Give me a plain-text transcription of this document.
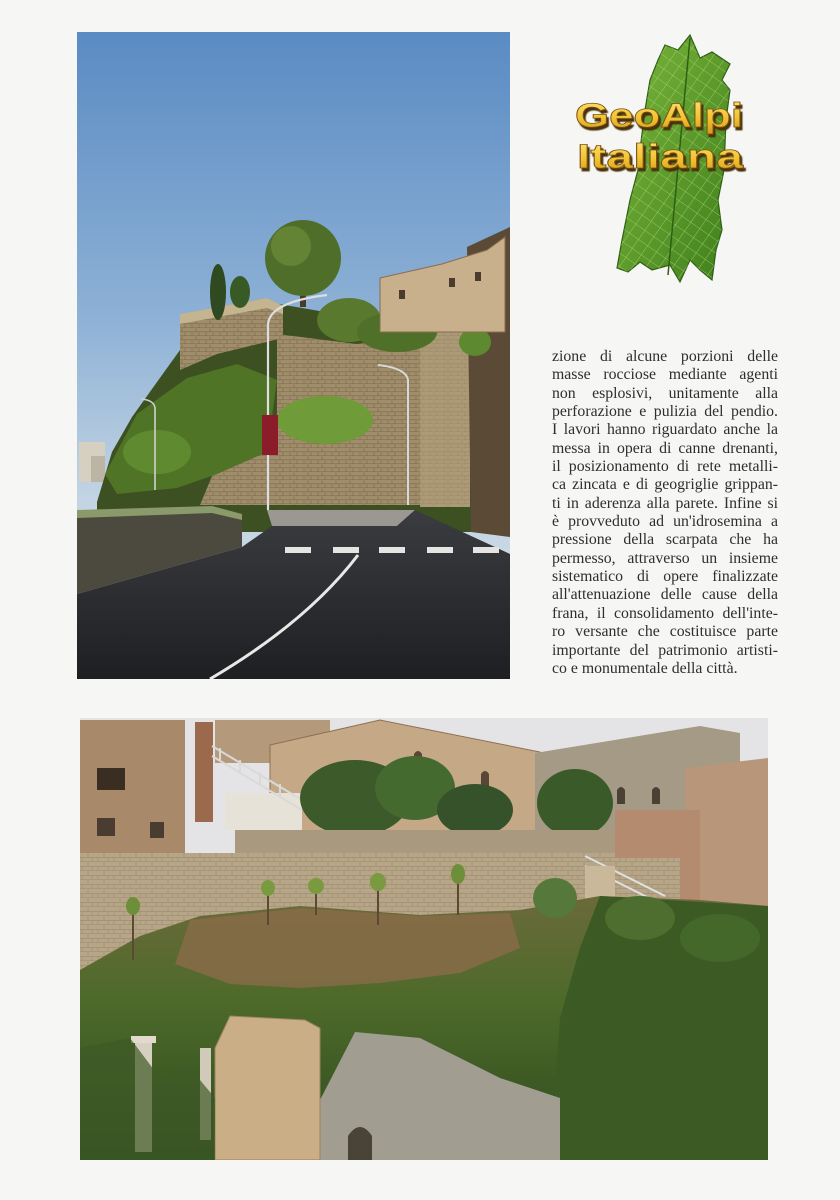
GeoAlpi
Italiana
zione di alcune porzioni delle
masse rocciose mediante agenti
non esplosivi, unitamente alla
perforazione e pulizia del pendio.
I lavori hanno riguardato anche la
messa in opera di canne drenanti,
il posizionamento di rete metalli-
ca zincata e di geogriglie grippan-
ti in aderenza alla parete. Infine si
è provveduto ad un'idrosemina a
pressione della scarpata che ha
permesso, attraverso un insieme
sistematico di opere finalizzate
all'attenuazione delle cause della
frana, il consolidamento dell'inte-
ro versante che costituisce parte
importante del patrimonio artisti-
co e monumentale della città.
